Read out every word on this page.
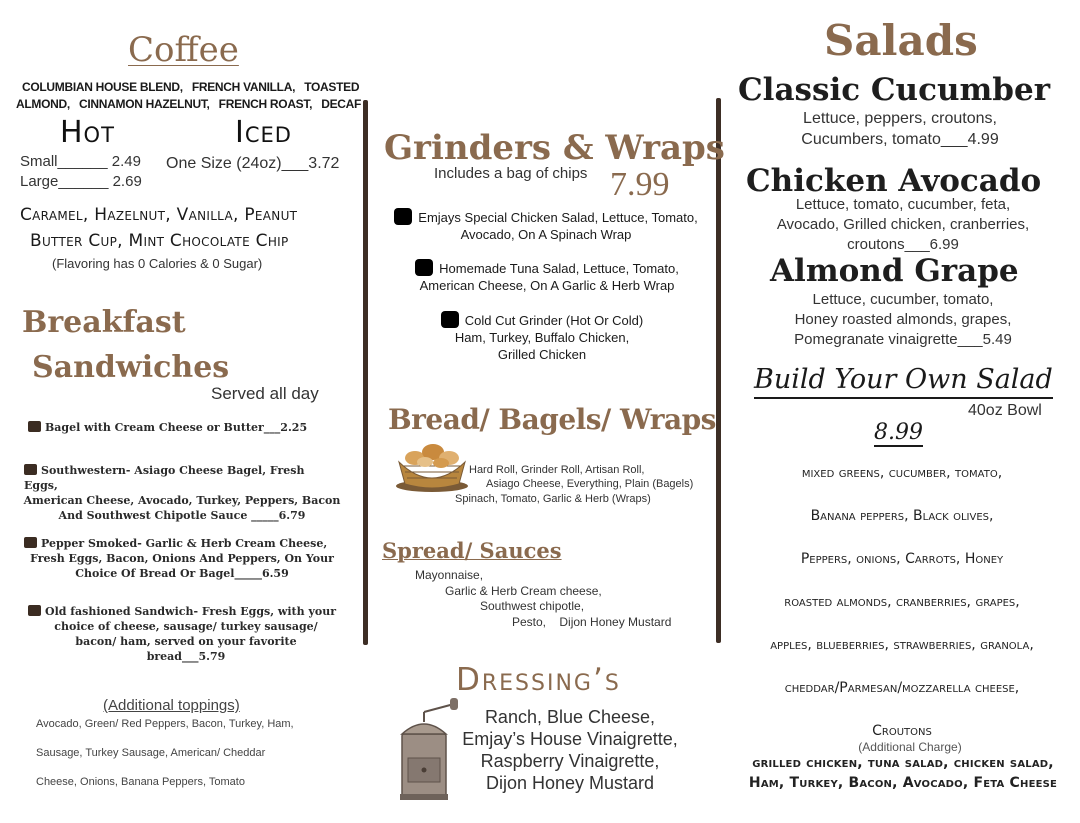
Coffee
COLUMBIAN HOUSE BLEND,   FRENCH VANILLA,   TOASTED
ALMOND,   CINNAMON HAZELNUT,   FRENCH ROAST,   DECAF
Hot	Iced
Small______ 2.49
Large______ 2.69
One Size (24oz)___3.72
Caramel, Hazelnut, Vanilla, Peanut
Butter Cup, Mint Chocolate Chip
(Flavoring has 0 Calories & 0 Sugar)
Breakfast
Sandwiches
Served all day
Bagel with Cream Cheese or Butter___2.25
Southwestern- Asiago Cheese Bagel, Fresh Eggs,
American Cheese, Avocado, Turkey, Peppers, Bacon
And Southwest Chipotle Sauce _____6.79
Pepper Smoked- Garlic & Herb Cream Cheese,
Fresh Eggs, Bacon, Onions And Peppers, On Your
Choice Of Bread Or Bagel_____6.59
Old fashioned Sandwich- Fresh Eggs, with your
choice of cheese, sausage/ turkey sausage/
bacon/ ham, served on your favorite
bread___5.79
(Additional toppings)
Avocado, Green/ Red Peppers, Bacon, Turkey, Ham,
Sausage, Turkey Sausage, American/ Cheddar
Cheese, Onions, Banana Peppers, Tomato
Grinders & Wraps
Includes a bag of chips 7.99
Emjays Special Chicken Salad, Lettuce, Tomato,
Avocado, On A Spinach Wrap
Homemade Tuna Salad, Lettuce, Tomato,
American Cheese, On A Garlic & Herb Wrap
Cold Cut Grinder (Hot Or Cold)
Ham, Turkey, Buffalo Chicken,
Grilled Chicken
Bread/ Bagels/ Wraps
Hard Roll, Grinder Roll, Artisan Roll,
Asiago Cheese, Everything, Plain (Bagels)
Spinach, Tomato, Garlic & Herb (Wraps)
Spread/ Sauces
Mayonnaise,
Garlic & Herb Cream cheese,
Southwest chipotle,
Pesto,    Dijon Honey Mustard
Dressing’s
Ranch, Blue Cheese,
Emjay’s House Vinaigrette,
Raspberry Vinaigrette,
Dijon Honey Mustard
Salads
Classic Cucumber
Lettuce, peppers, croutons,
Cucumbers, tomato___4.99
Chicken Avocado
Lettuce, tomato, cucumber, feta,
Avocado, Grilled chicken, cranberries,
croutons___6.99
Almond Grape
Lettuce, cucumber, tomato,
Honey roasted almonds, grapes,
Pomegranate vinaigrette___5.49
Build Your Own Salad
40oz Bowl
8.99
mixed greens, cucumber, tomato,
Banana peppers, Black olives,
Peppers, onions, Carrots, Honey
roasted almonds, cranberries, grapes,
apples, blueberries, strawberries, granola,
cheddar/Parmesan/mozzarella cheese,
Croutons
(Additional Charge)
grilled chicken, tuna salad, chicken salad,
Ham, Turkey, Bacon, Avocado, Feta Cheese
